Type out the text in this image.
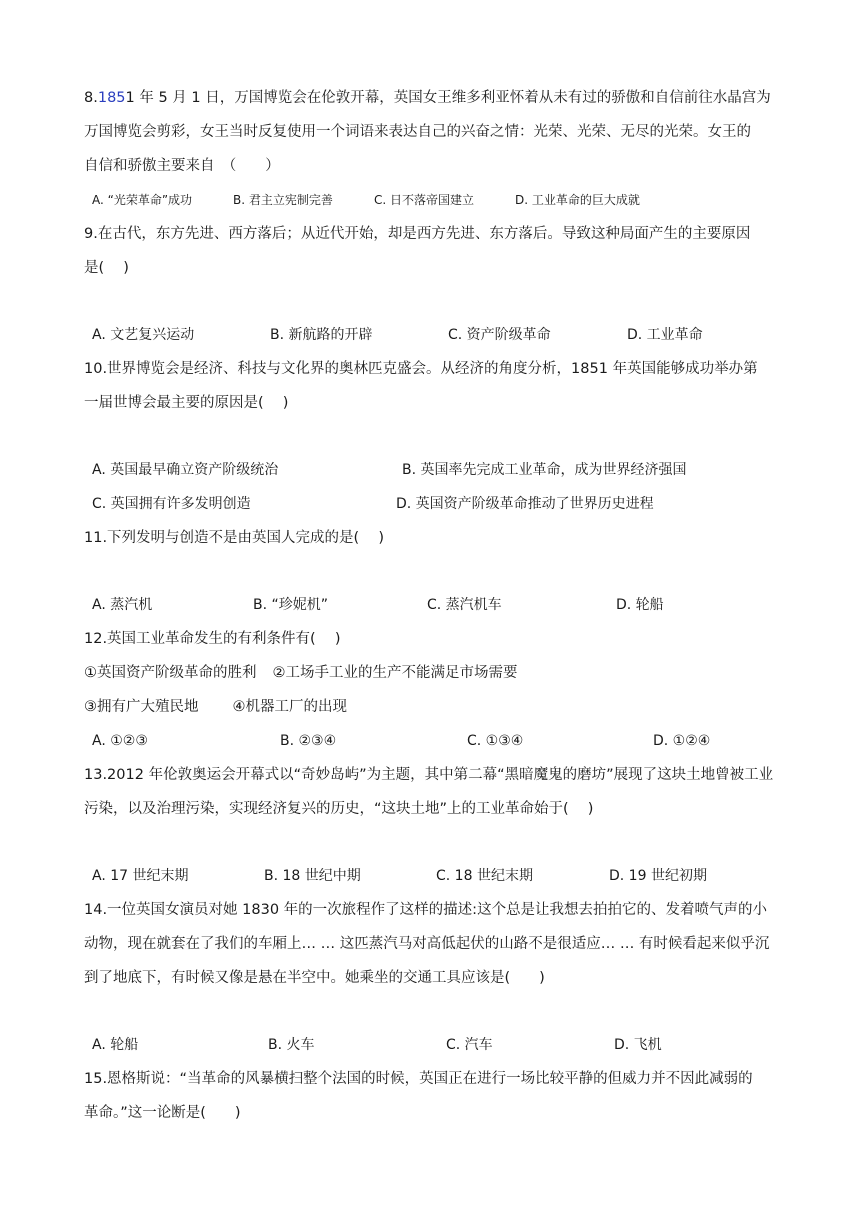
8.1851 年 5 月 1 日，万国博览会在伦敦开幕，英国女王维多利亚怀着从未有过的骄傲和自信前往水晶宫为
万国博览会剪彩，女王当时反复使用一个词语来表达自己的兴奋之情：光荣、光荣、无尽的光荣。女王的
自信和骄傲主要来自　（　　）
A. “光荣革命”成功	B. 君主立宪制完善	C. 日不落帝国建立	D. 工业革命的巨大成就
9.在古代，东方先进、西方落后；从近代开始，却是西方先进、东方落后。导致这种局面产生的主要原因
是(　 )
A. 文艺复兴运动	B. 新航路的开辟	C. 资产阶级革命	D. 工业革命
10.世界博览会是经济、科技与文化界的奥林匹克盛会。从经济的角度分析，1851 年英国能够成功举办第
一届世博会最主要的原因是(　 )
A. 英国最早确立资产阶级统治	B. 英国率先完成工业革命，成为世界经济强国
C. 英国拥有许多发明创造	D. 英国资产阶级革命推动了世界历史进程
11.下列发明与创造不是由英国人完成的是(　 )
A. 蒸汽机	B. “珍妮机”	C. 蒸汽机车	D. 轮船
12.英国工业革命发生的有利条件有(　 )
①英国资产阶级革命的胜利 ②工场手工业的生产不能满足市场需要
③拥有广大殖民地 ④机器工厂的出现
A. ①②③	B. ②③④	C. ①③④	D. ①②④
13.2012 年伦敦奥运会开幕式以“奇妙岛屿”为主题，其中第二幕“黑暗魔鬼的磨坊”展现了这块土地曾被工业
污染，以及治理污染，实现经济复兴的历史，“这块土地”上的工业革命始于(　 )
A. 17 世纪末期	B. 18 世纪中期	C. 18 世纪末期	D. 19 世纪初期
14.一位英国女演员对她 1830 年的一次旅程作了这样的描述:这个总是让我想去拍拍它的、发着喷气声的小
动物，现在就套在了我们的车厢上… … 这匹蒸汽马对高低起伏的山路不是很适应… … 有时候看起来似乎沉
到了地底下，有时候又像是悬在半空中。她乘坐的交通工具应该是(　　)
A. 轮船	B. 火车	C. 汽车	D. 飞机
15.恩格斯说：“当革命的风暴横扫整个法国的时候，英国正在进行一场比较平静的但威力并不因此减弱的
革命。”这一论断是(　　)
